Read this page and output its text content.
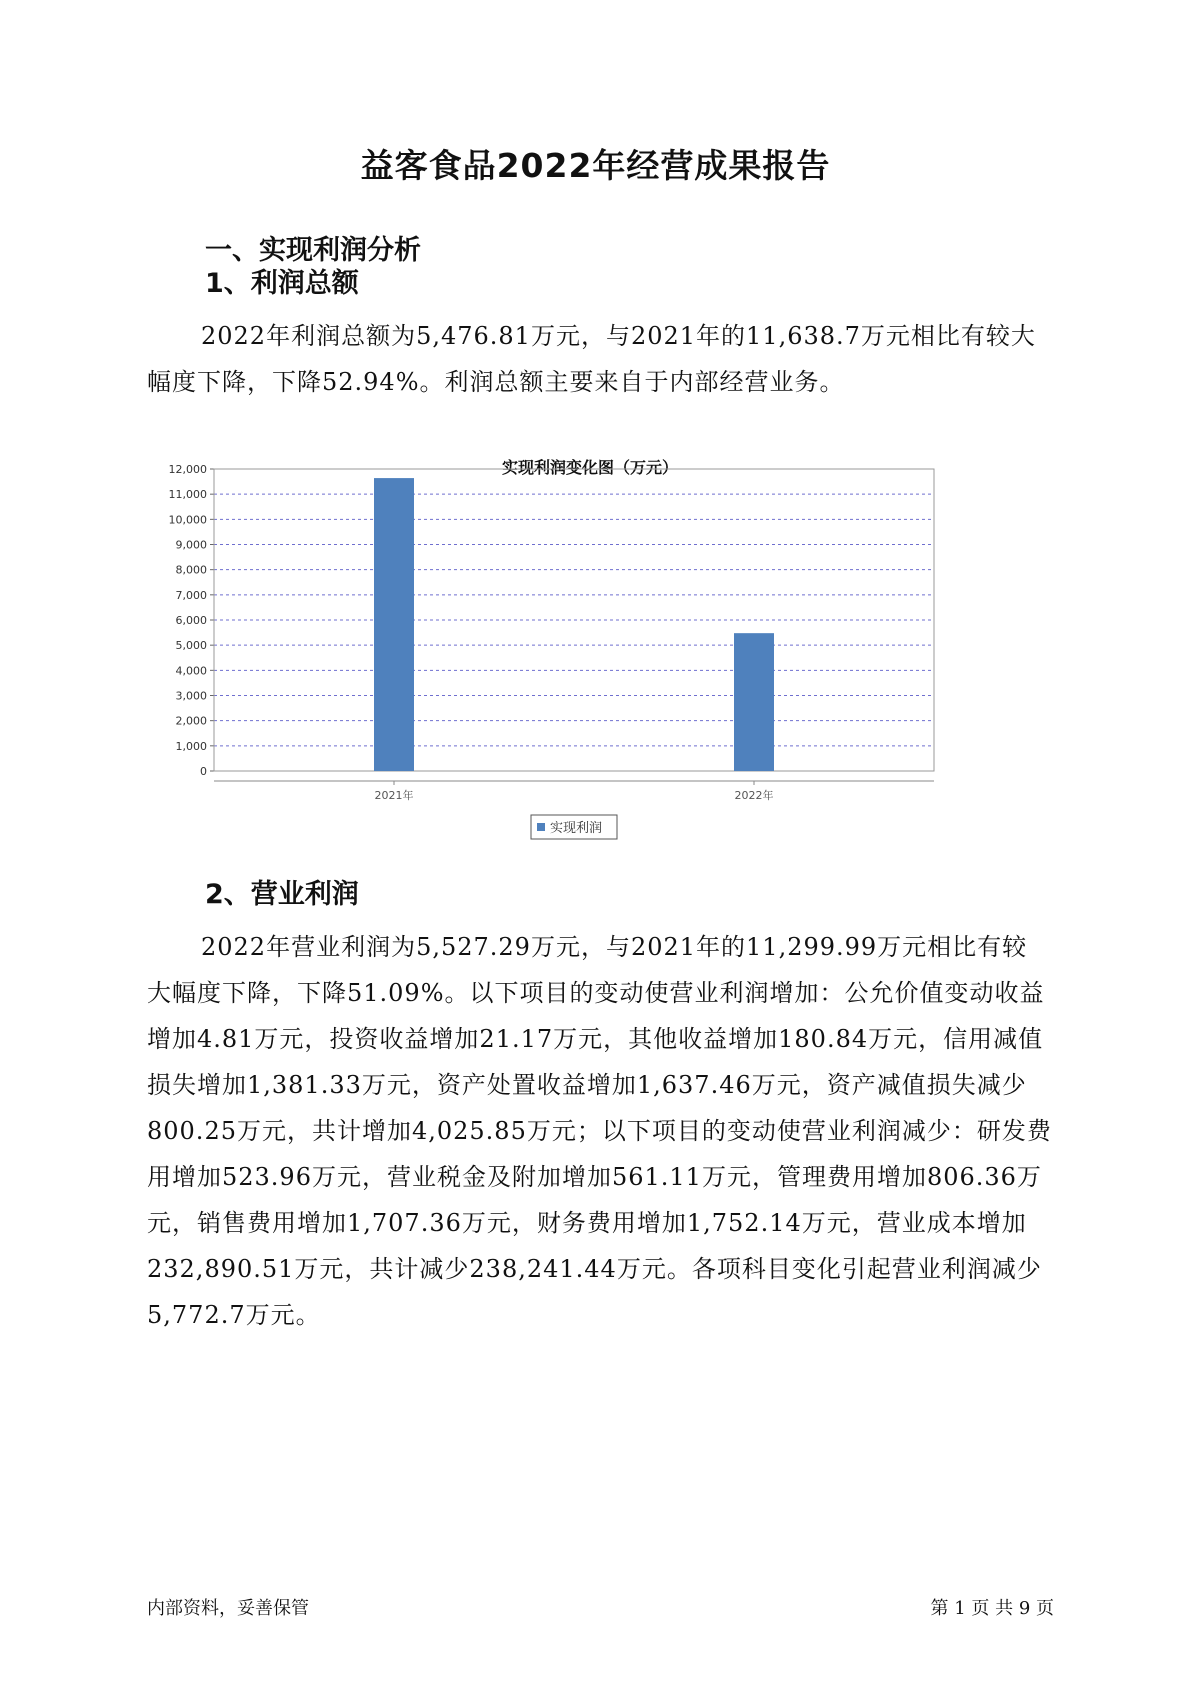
益客食品2022年经营成果报告
一、实现利润分析
1、利润总额

2022年利润总额为5,476.81万元，与2021年的11,638.7万元相比有较大幅度下降，下降52.94%。利润总额主要来自于内部经营业务。

实现利润变化图（万元）
0
1,000
2,000
3,000
4,000
5,000
6,000
7,000
8,000
9,000
10,000
11,000
12,000
2021年	2022年
实现利润
2、营业利润

2022年营业利润为5,527.29万元，与2021年的11,299.99万元相比有较大幅度下降，下降51.09%。以下项目的变动使营业利润增加：公允价值变动收益增加4.81万元，投资收益增加21.17万元，其他收益增加180.84万元，信用减值损失增加1,381.33万元，资产处置收益增加1,637.46万元，资产减值损失减少800.25万元，共计增加4,025.85万元；以下项目的变动使营业利润减少：研发费用增加523.96万元，营业税金及附加增加561.11万元，管理费用增加806.36万元，销售费用增加1,707.36万元，财务费用增加1,752.14万元，营业成本增加232,890.51万元，共计减少238,241.44万元。各项科目变化引起营业利润减少5,772.7万元。

内部资料，妥善保管	第 1 页 共 9 页
